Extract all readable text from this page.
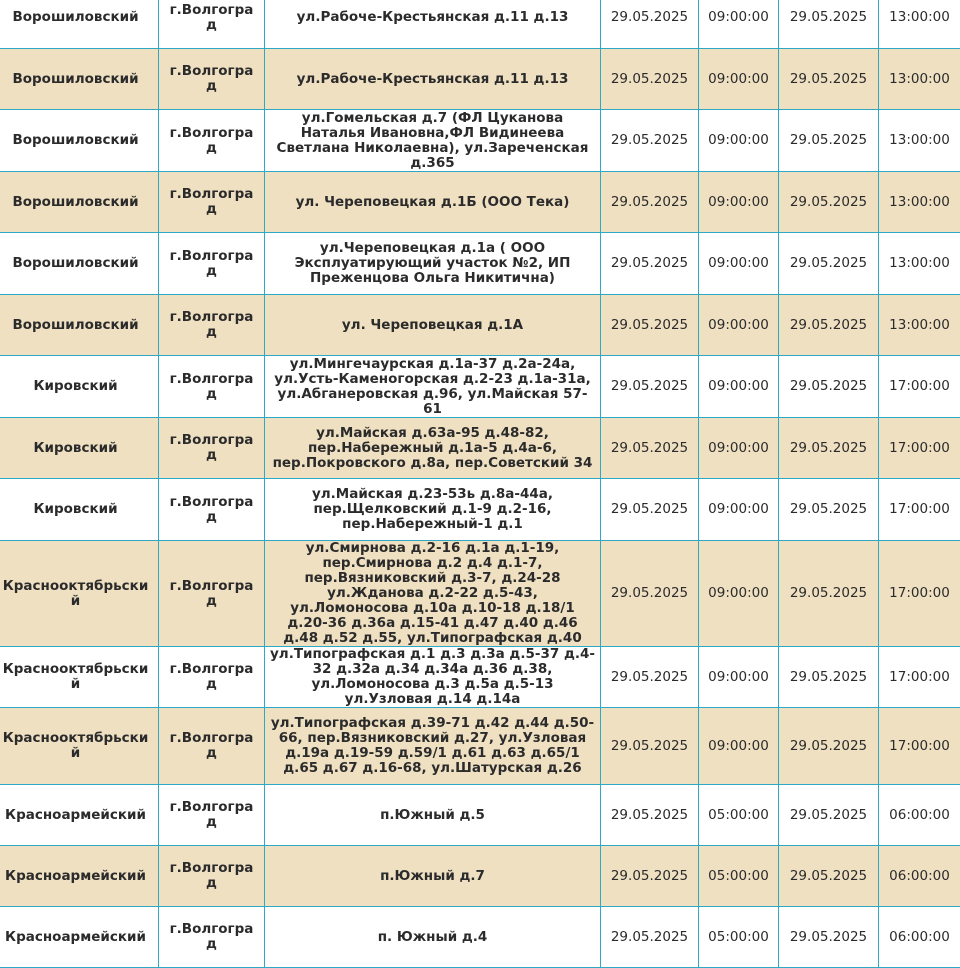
Ворошиловский	г.Волгоград	ул.Рабоче-Крестьянская д.11 д.13	29.05.2025	09:00:00	29.05.2025	13:00:00	
Ворошиловский	г.Волгоград	ул.Рабоче-Крестьянская д.11 д.13	29.05.2025	09:00:00	29.05.2025	13:00:00	
Ворошиловский	г.Волгоград	ул.Гомельская д.7 (ФЛ Цуканова Наталья Ивановна,ФЛ Видинеева Светлана Николаевна), ул.Зареченская д.365	29.05.2025	09:00:00	29.05.2025	13:00:00	
Ворошиловский	г.Волгоград	ул. Череповецкая д.1Б (ООО Тека)	29.05.2025	09:00:00	29.05.2025	13:00:00	
Ворошиловский	г.Волгоград	ул.Череповецкая д.1а ( ООО Эксплуатирующий участок №2, ИП Преженцова Ольга Никитична)	29.05.2025	09:00:00	29.05.2025	13:00:00	
Ворошиловский	г.Волгоград	ул. Череповецкая д.1А	29.05.2025	09:00:00	29.05.2025	13:00:00	
Кировский	г.Волгоград	ул.Мингечаурская д.1а-37 д.2а-24а, ул.Усть-Каменогорская д.2-23 д.1а-31а, ул.Абганеровская д.96, ул.Майская 57-61	29.05.2025	09:00:00	29.05.2025	17:00:00	
Кировский	г.Волгоград	ул.Майская д.63а-95 д.48-82, пер.Набережный д.1а-5 д.4а-6, пер.Покровского д.8а, пер.Советский 34	29.05.2025	09:00:00	29.05.2025	17:00:00	
Кировский	г.Волгоград	ул.Майская д.23-53ь д.8а-44а, пер.Щелковский д.1-9 д.2-16, пер.Набережный-1 д.1	29.05.2025	09:00:00	29.05.2025	17:00:00	
Краснооктябрьский	г.Волгоград	ул.Смирнова д.2-16 д.1а д.1-19, пер.Смирнова д.2 д.4 д.1-7, пер.Вязниковский д.3-7, д.24-28 ул.Жданова д.2-22 д.5-43, ул.Ломоносова д.10а д.10-18 д.18/1 д.20-36 д.36а д.15-41 д.47 д.40 д.46 д.48 д.52 д.55, ул.Типографская д.40	29.05.2025	09:00:00	29.05.2025	17:00:00	
Краснооктябрьский	г.Волгоград	ул.Типографская д.1 д.3 д.3а д.5-37 д.4-32 д.32а д.34 д.34а д.36 д.38, ул.Ломоносова д.3 д.5а д.5-13 ул.Узловая д.14 д.14а	29.05.2025	09:00:00	29.05.2025	17:00:00	
Краснооктябрьский	г.Волгоград	ул.Типографская д.39-71 д.42 д.44 д.50-66, пер.Вязниковский д.27, ул.Узловая д.19а д.19-59 д.59/1 д.61 д.63 д.65/1 д.65 д.67 д.16-68, ул.Шатурская д.26	29.05.2025	09:00:00	29.05.2025	17:00:00	
Красноармейский	г.Волгоград	п.Южный д.5	29.05.2025	05:00:00	29.05.2025	06:00:00	
Красноармейский	г.Волгоград	п.Южный д.7	29.05.2025	05:00:00	29.05.2025	06:00:00	
Красноармейский	г.Волгоград	п. Южный д.4	29.05.2025	05:00:00	29.05.2025	06:00:00	
